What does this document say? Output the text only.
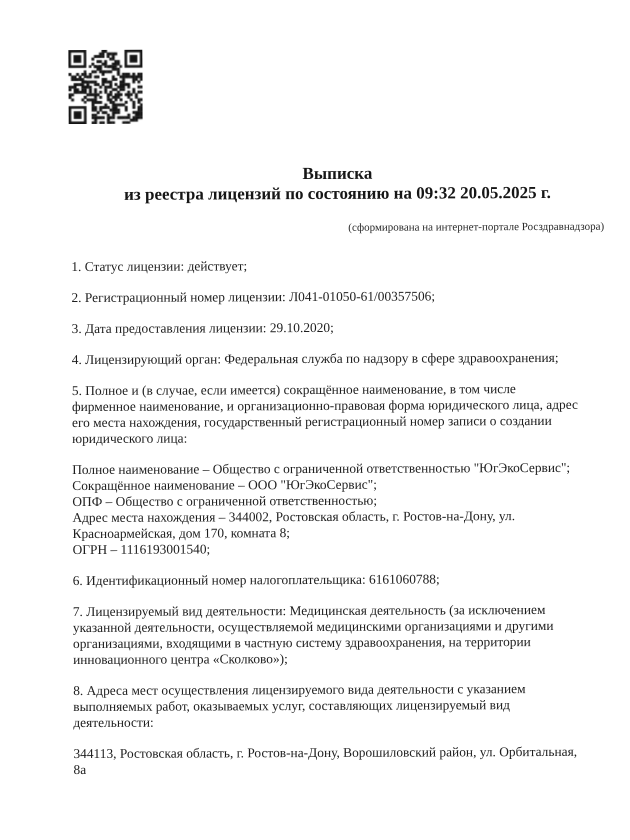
Выписка
из реестра лицензий по состоянию на 09:32 20.05.2025 г.
(сформирована на интернет-портале Росздравнадзора)

1. Статус лицензии: действует;

2. Регистрационный номер лицензии: Л041-01050-61/00357506;

3. Дата предоставления лицензии: 29.10.2020;

4. Лицензирующий орган: Федеральная служба по надзору в сфере здравоохранения;

5. Полное и (в случае, если имеется) сокращённое наименование, в том числе фирменное наименование, и организационно-правовая форма юридического лица, адрес его места нахождения, государственный регистрационный номер записи о создании юридического лица:

Полное наименование – Общество с ограниченной ответственностью "ЮгЭкоСервис";
Сокращённое наименование – ООО "ЮгЭкоСервис";
ОПФ – Общество с ограниченной ответственностью;
Адрес места нахождения – 344002, Ростовская область, г. Ростов-на-Дону, ул. Красноармейская, дом 170, комната 8;
ОГРН – 1116193001540;

6. Идентификационный номер налогоплательщика: 6161060788;

7. Лицензируемый вид деятельности: Медицинская деятельность (за исключением указанной деятельности, осуществляемой медицинскими организациями и другими организациями, входящими в частную систему здравоохранения, на территории инновационного центра «Сколково»);

8. Адреса мест осуществления лицензируемого вида деятельности с указанием выполняемых работ, оказываемых услуг, составляющих лицензируемый вид деятельности:

344113, Ростовская область, г. Ростов-на-Дону, Ворошиловский район, ул. Орбитальная, 8а
